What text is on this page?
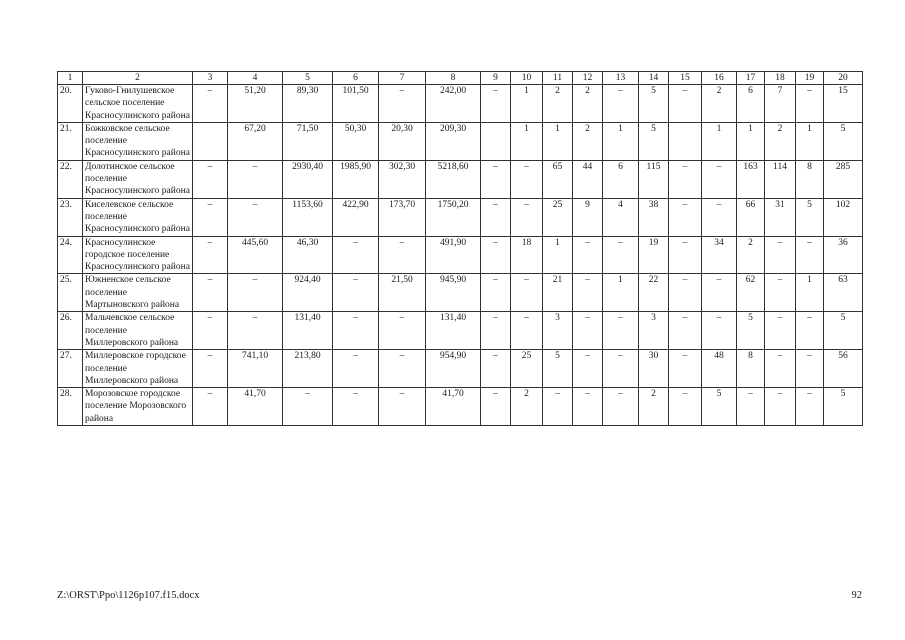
1	2	3	4	5	6	7	8	9	10	11	12	13	14	15	16	17	18	19	20
20.	Гуково-Гнилушевское сельское поселение Красносулинского района	–	51,20	89,30	101,50	–	242,00	–	1	2	2	–	5	–	2	6	7	–	15
21.	Божковское сельское поселение Красносулинского района		67,20	71,50	50,30	20,30	209,30		1	1	2	1	5		1	1	2	1	5
22.	Долотинское сельское поселение Красносулинского района	–	–	2930,40	1985,90	302,30	5218,60	–	–	65	44	6	115	–	–	163	114	8	285
23.	Киселевское сельское поселение Красносулинского района	–	–	1153,60	422,90	173,70	1750,20	–	–	25	9	4	38	–	–	66	31	5	102
24.	Красносулинское городское поселение Красносулинского района	–	445,60	46,30	–	–	491,90	–	18	1	–	–	19	–	34	2	–	–	36
25.	Южненское сельское поселение Мартыновского района	–	–	924,40	–	21,50	945,90	–	–	21	–	1	22	–	–	62	–	1	63
26.	Мальчевское сельское поселение Миллеровского района	–	–	131,40	–	–	131,40	–	–	3	–	–	3	–	–	5	–	–	5
27.	Миллеровское городское поселение Миллеровского района	–	741,10	213,80	–	–	954,90	–	25	5	–	–	30	–	48	8	–	–	56
28.	Морозовское городское поселение Морозовского района	–	41,70	–	–	–	41,70	–	2	–	–	–	2	–	5	–	–	–	5
Z:\ORST\Ppo\1126p107.f15.docx	92
